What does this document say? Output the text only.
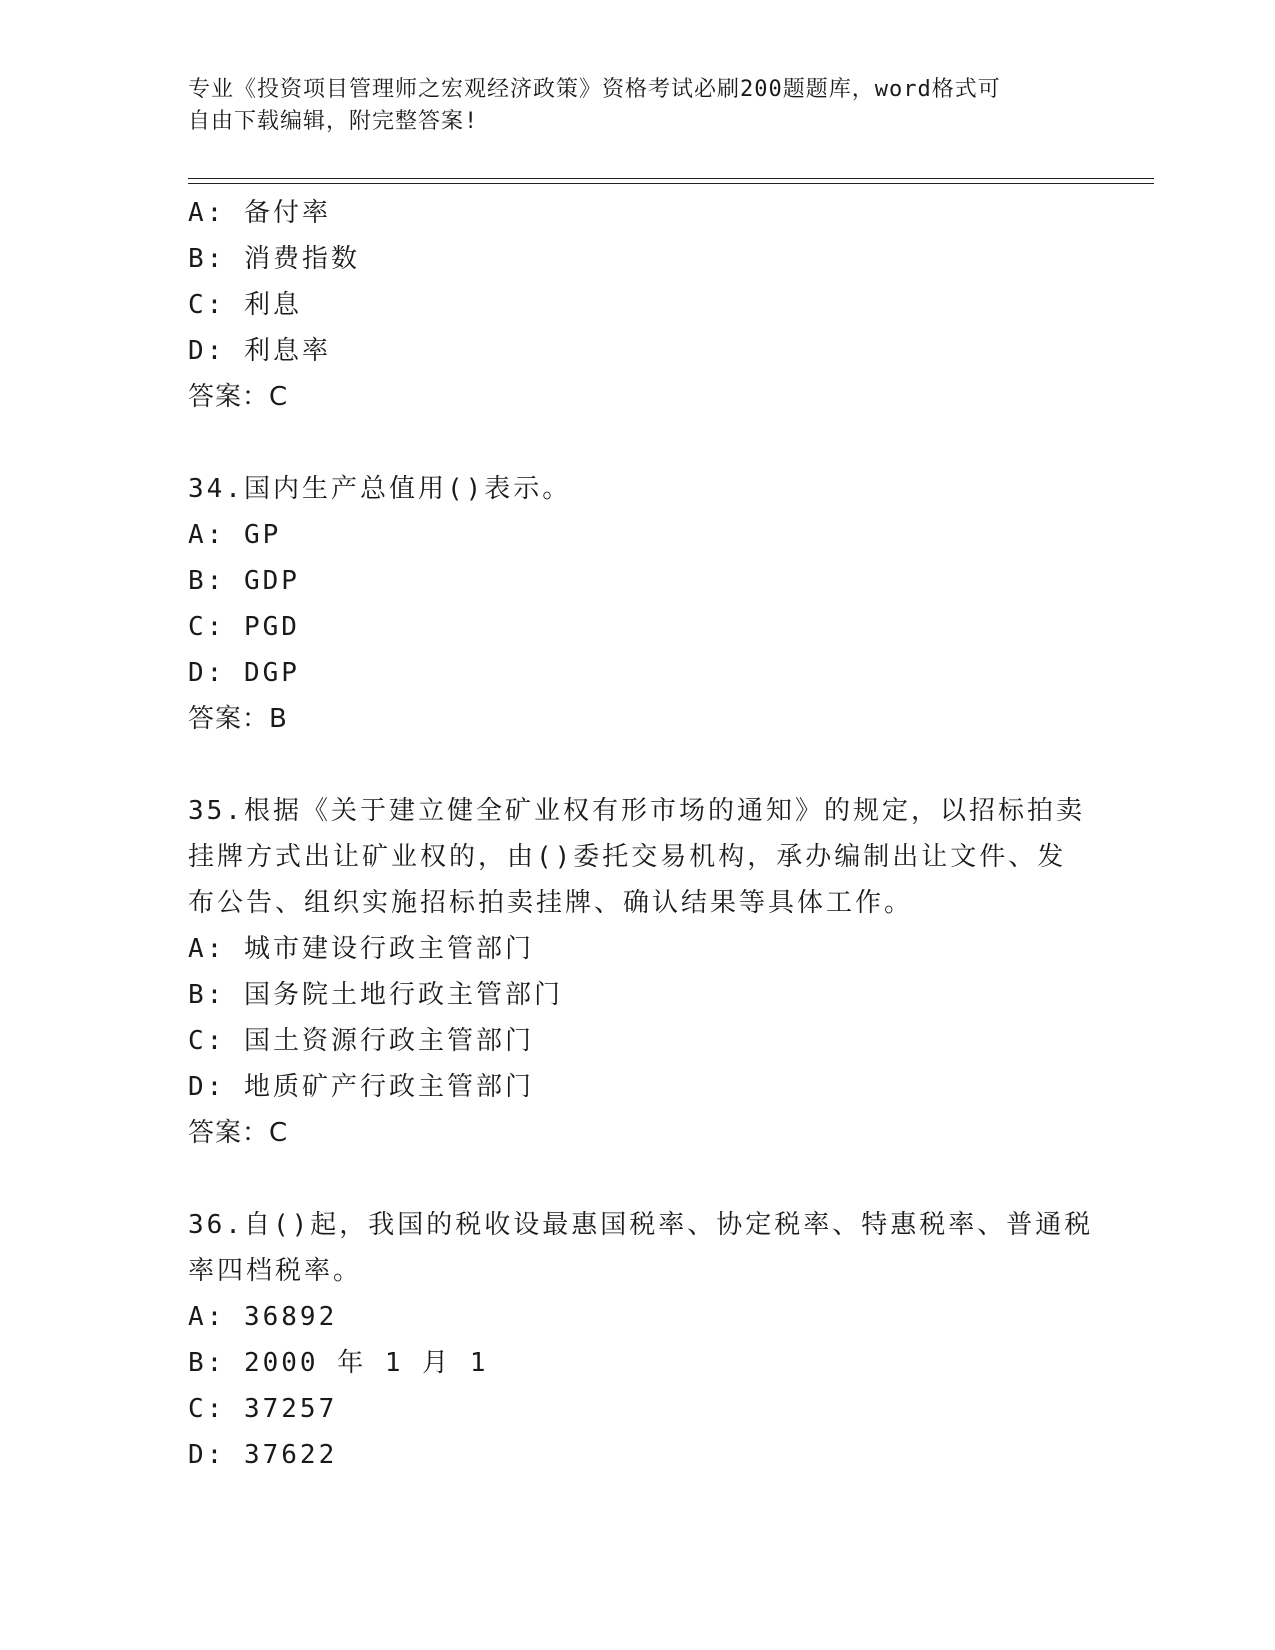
专业《投资项目管理师之宏观经济政策》资格考试必刷200题题库，word格式可
自由下载编辑，附完整答案!
A: 备付率
B: 消费指数
C: 利息
D: 利息率
答案：C
34.国内生产总值用()表示。
A: GP
B: GDP
C: PGD
D: DGP
答案：B
35.根据《关于建立健全矿业权有形市场的通知》的规定，以招标拍卖
挂牌方式出让矿业权的，由()委托交易机构，承办编制出让文件、发
布公告、组织实施招标拍卖挂牌、确认结果等具体工作。
A: 城市建设行政主管部门
B: 国务院土地行政主管部门
C: 国土资源行政主管部门
D: 地质矿产行政主管部门
答案：C
36.自()起，我国的税收设最惠国税率、协定税率、特惠税率、普通税
率四档税率。
A: 36892
B: 2000 年 1 月 1
C: 37257
D: 37622
